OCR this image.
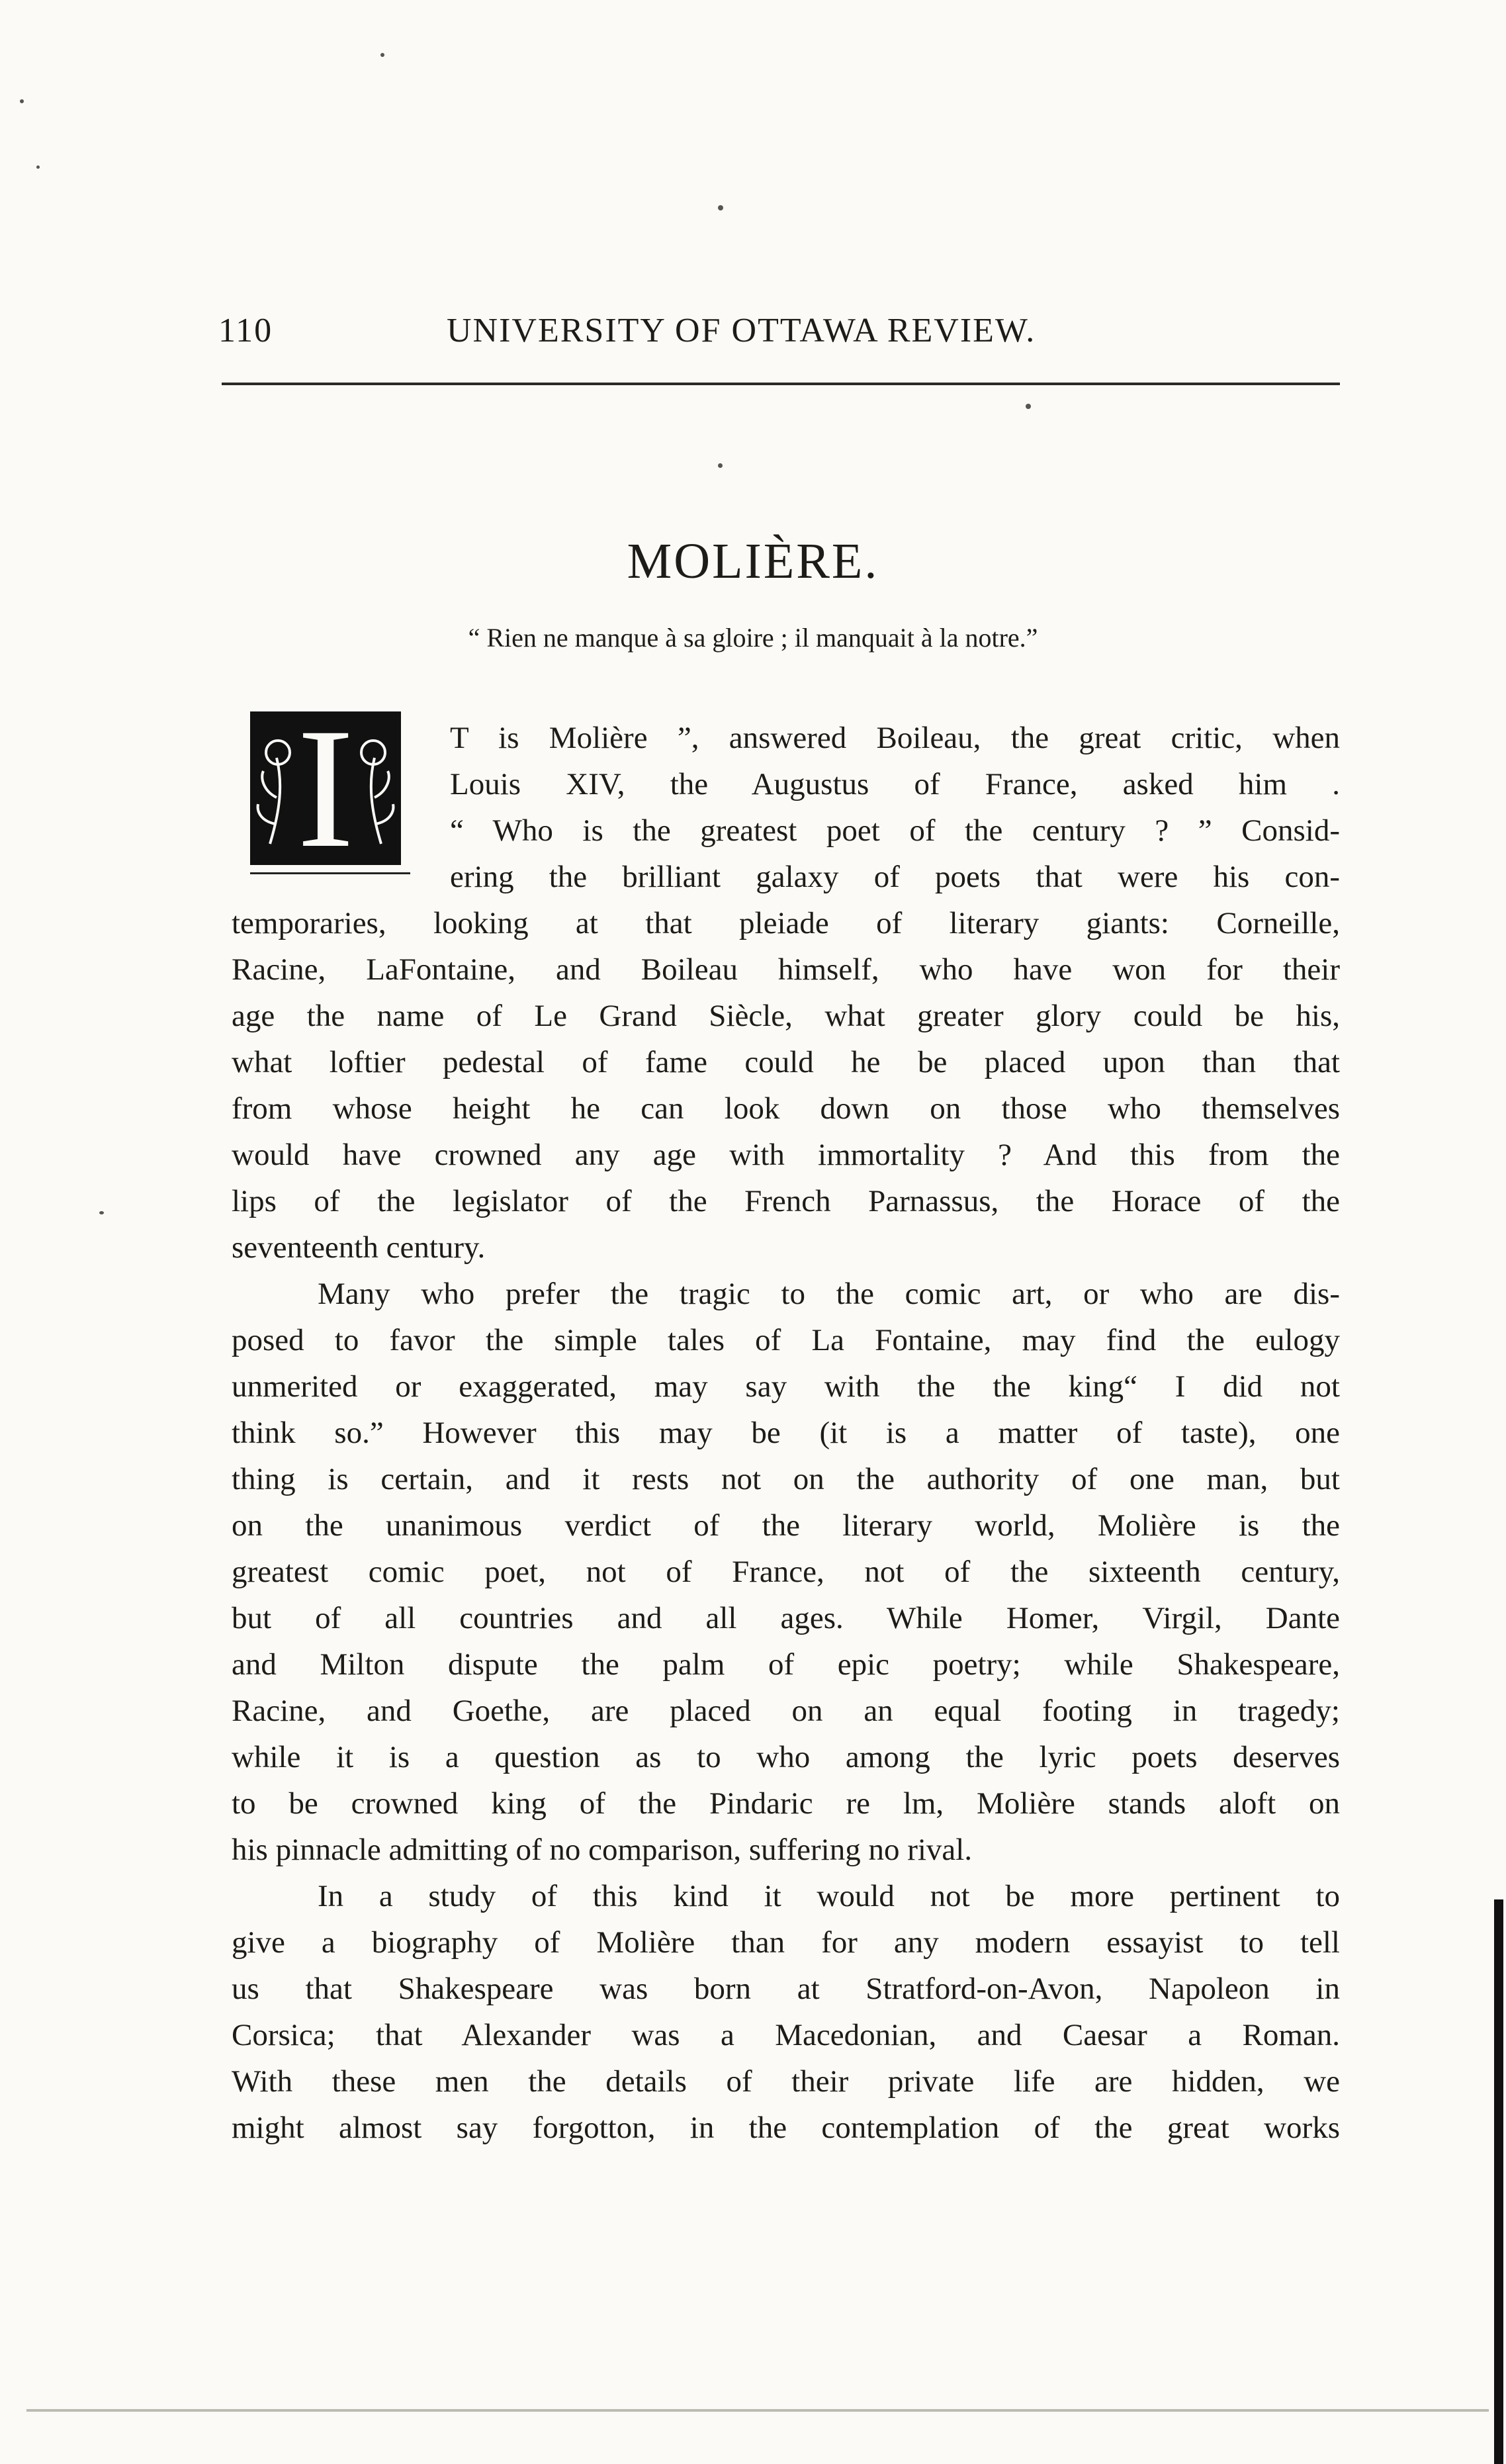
110	UNIVERSITY OF OTTAWA REVIEW.
MOLIÈRE.
“ Rien ne manque à sa gloire ; il manquait à la notre.”
I	T is Molière ”, answered Boileau, the great critic, when
Louis XIV, the Augustus of France, asked him .
“ Who is the greatest poet of the century ? ” Consid-
ering the brilliant galaxy of poets that were his con-
temporaries, looking at that pleiade of literary giants: Corneille,
Racine, LaFontaine, and Boileau himself, who have won for their
age the name of Le Grand Siècle, what greater glory could be his,
what loftier pedestal of fame could he be placed upon than that
from whose height he can look down on those who themselves
would have crowned any age with immortality ? And this from the
lips of the legislator of the French Parnassus, the Horace of the
seventeenth century.
Many who prefer the tragic to the comic art, or who are dis-
posed to favor the simple tales of La Fontaine, may find the eulogy
unmerited or exaggerated, may say with the the king“ I did not
think so.” However this may be (it is a matter of taste), one
thing is certain, and it rests not on the authority of one man, but
on the unanimous verdict of the literary world, Molière is the
greatest comic poet, not of France, not of the sixteenth century,
but of all countries and all ages. While Homer, Virgil, Dante
and Milton dispute the palm of epic poetry; while Shakespeare,
Racine, and Goethe, are placed on an equal footing in tragedy;
while it is a question as to who among the lyric poets deserves
to be crowned king of the Pindaric re lm, Molière stands aloft on
his pinnacle admitting of no comparison, suffering no rival.
In a study of this kind it would not be more pertinent to
give a biography of Molière than for any modern essayist to tell
us that Shakespeare was born at Stratford-on-Avon, Napoleon in
Corsica; that Alexander was a Macedonian, and Caesar a Roman.
With these men the details of their private life are hidden, we
might almost say forgotton, in the contemplation of the great works
